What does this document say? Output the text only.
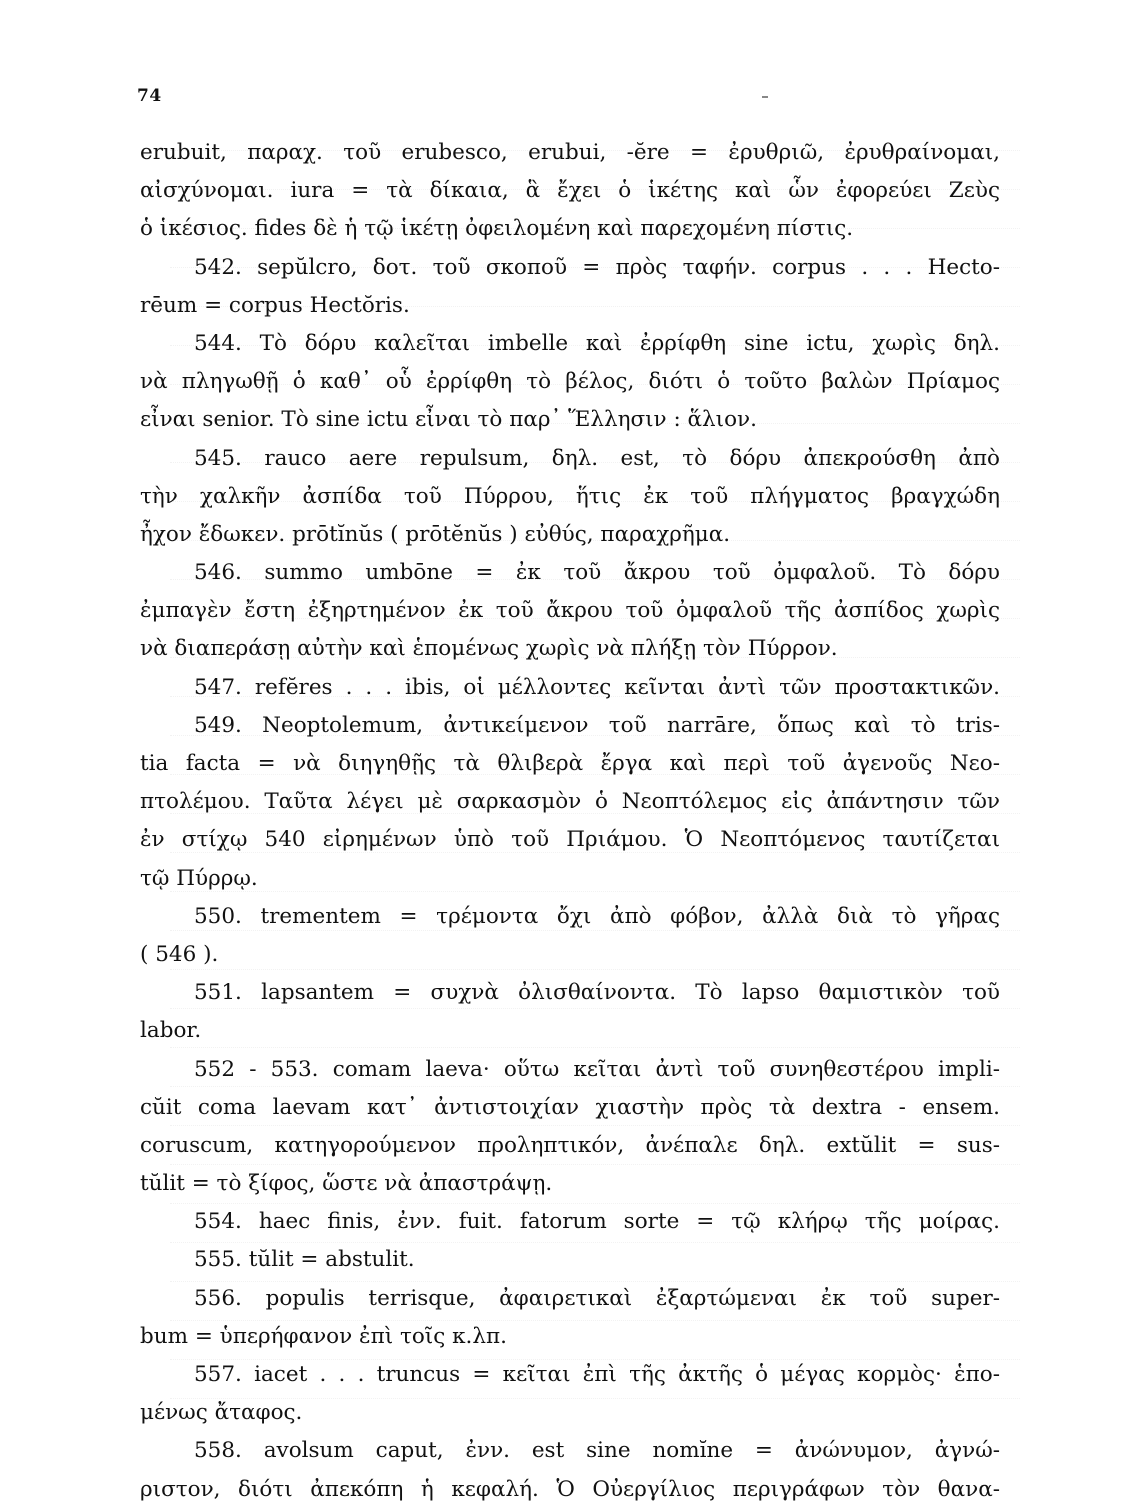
74
erubuit, παραχ. τοῦ erubesco, erubui, -ĕre = ἐρυθριῶ, ἐρυθραίνομαι,
αἰσχύνομαι. iura = τὰ δίκαια, ἃ ἔχει ὁ ἱκέτης καὶ ὧν ἐφορεύει Ζεὺς
ὁ ἱκέσιος. fides δὲ ἡ τῷ ἱκέτῃ ὀφειλομένη καὶ παρεχομένη πίστις.
542. sepŭlcro, δοτ. τοῦ σκοποῦ = πρὸς ταφήν. corpus . . . Hecto-
rēum = corpus Hectŏris.
544. Τὸ δόρυ καλεῖται imbelle καὶ ἐρρίφθη sine ictu, χωρὶς δηλ.
νὰ πληγωθῇ ὁ καθ᾽ οὗ ἐρρίφθη τὸ βέλος, διότι ὁ τοῦτο βαλὼν Πρίαμος
εἶναι senior. Τὸ sine ictu εἶναι τὸ παρ᾽ Ἕλλησιν : ἅλιον.
545. rauco aere repulsum, δηλ. est, τὸ δόρυ ἀπεκρούσθη ἀπὸ
τὴν χαλκῆν ἀσπίδα τοῦ Πύρρου, ἥτις ἐκ τοῦ πλήγματος βραγχώδη
ἦχον ἔδωκεν. prōtĭnŭs ( prōtĕnŭs ) εὐθύς, παραχρῆμα.
546. summo umbōne = ἐκ τοῦ ἄκρου τοῦ ὀμφαλοῦ. Τὸ δόρυ
ἐμπαγὲν ἔστη ἐξηρτημένον ἐκ τοῦ ἄκρου τοῦ ὀμφαλοῦ τῆς ἀσπίδος χωρὶς
νὰ διαπεράσῃ αὐτὴν καὶ ἑπομένως χωρὶς νὰ πλήξῃ τὸν Πύρρον.
547. refĕres . . . ibis, οἱ μέλλοντες κεῖνται ἀντὶ τῶν προστακτικῶν.
549. Neoptolemum, ἀντικείμενον τοῦ narrāre, ὅπως καὶ τὸ tris-
tia facta = νὰ διηγηθῇς τὰ θλιβερὰ ἔργα καὶ περὶ τοῦ ἀγενοῦς Νεο-
πτολέμου. Ταῦτα λέγει μὲ σαρκασμὸν ὁ Νεοπτόλεμος εἰς ἀπάντησιν τῶν
ἐν στίχῳ 540 εἰρημένων ὑπὸ τοῦ Πριάμου. Ὁ Νεοπτόμενος ταυτίζεται
τῷ Πύρρῳ.
550. trementem = τρέμοντα ὄχι ἀπὸ φόβον, ἀλλὰ διὰ τὸ γῆρας
( 546 ).
551. lapsantem = συχνὰ ὀλισθαίνοντα. Τὸ lapso θαμιστικὸν τοῦ
labor.
552 - 553. comam laeva· οὕτω κεῖται ἀντὶ τοῦ συνηθεστέρου impli-
cŭit coma laevam κατ᾽ ἀντιστοιχίαν χιαστὴν πρὸς τὰ dextra - ensem.
coruscum, κατηγορούμενον προληπτικόν, ἀνέπαλε δηλ. extŭlit = sus-
tŭlit = τὸ ξίφος, ὥστε νὰ ἀπαστράψῃ.
554. haec finis, ἐνν. fuit. fatorum sorte = τῷ κλήρῳ τῆς μοίρας.
555. tŭlit = abstulit.
556. populis terrisque, ἀφαιρετικαὶ ἐξαρτώμεναι ἐκ τοῦ super-
bum = ὑπερήφανον ἐπὶ τοῖς κ.λπ.
557. iacet . . . truncus = κεῖται ἐπὶ τῆς ἀκτῆς ὁ μέγας κορμὸς· ἑπο-
μένως ἄταφος.
558. avolsum caput, ἐνν. est sine nomĭne = ἀνώνυμον, ἀγνώ-
ριστον, διότι ἀπεκόπη ἡ κεφαλή. Ὁ Οὐεργίλιος περιγράφων τὸν θανα-
